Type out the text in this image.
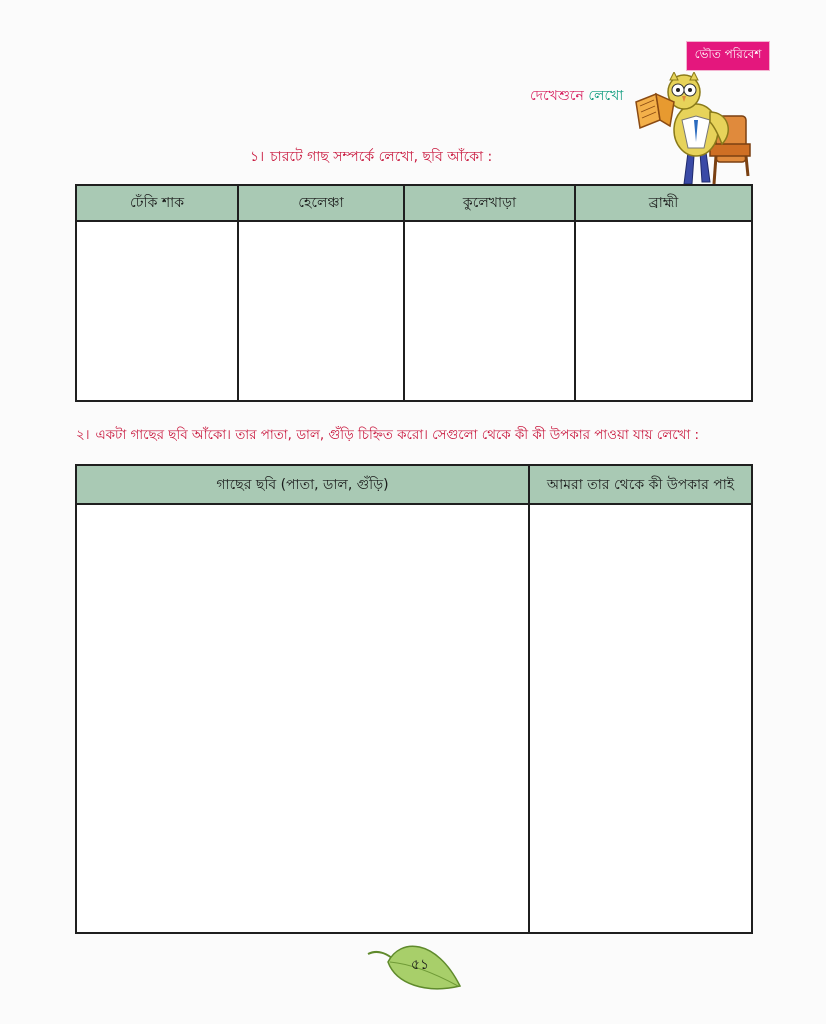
ভৌত পরিবেশ
দেখেশুনে লেখো
১। চারটে গাছ সম্পর্কে লেখো, ছবি আঁকো :
ঢেঁকি শাক	হেলেঞ্চা	কুলেখাড়া	ব্রাহ্মী

২। একটা গাছের ছবি আঁকো। তার পাতা, ডাল, গুঁড়ি চিহ্নিত করো। সেগুলো থেকে কী কী উপকার পাওয়া যায় লেখো :
গাছের ছবি (পাতা, ডাল, গুঁড়ি)	আমরা তার থেকে কী উপকার পাই

৫১
